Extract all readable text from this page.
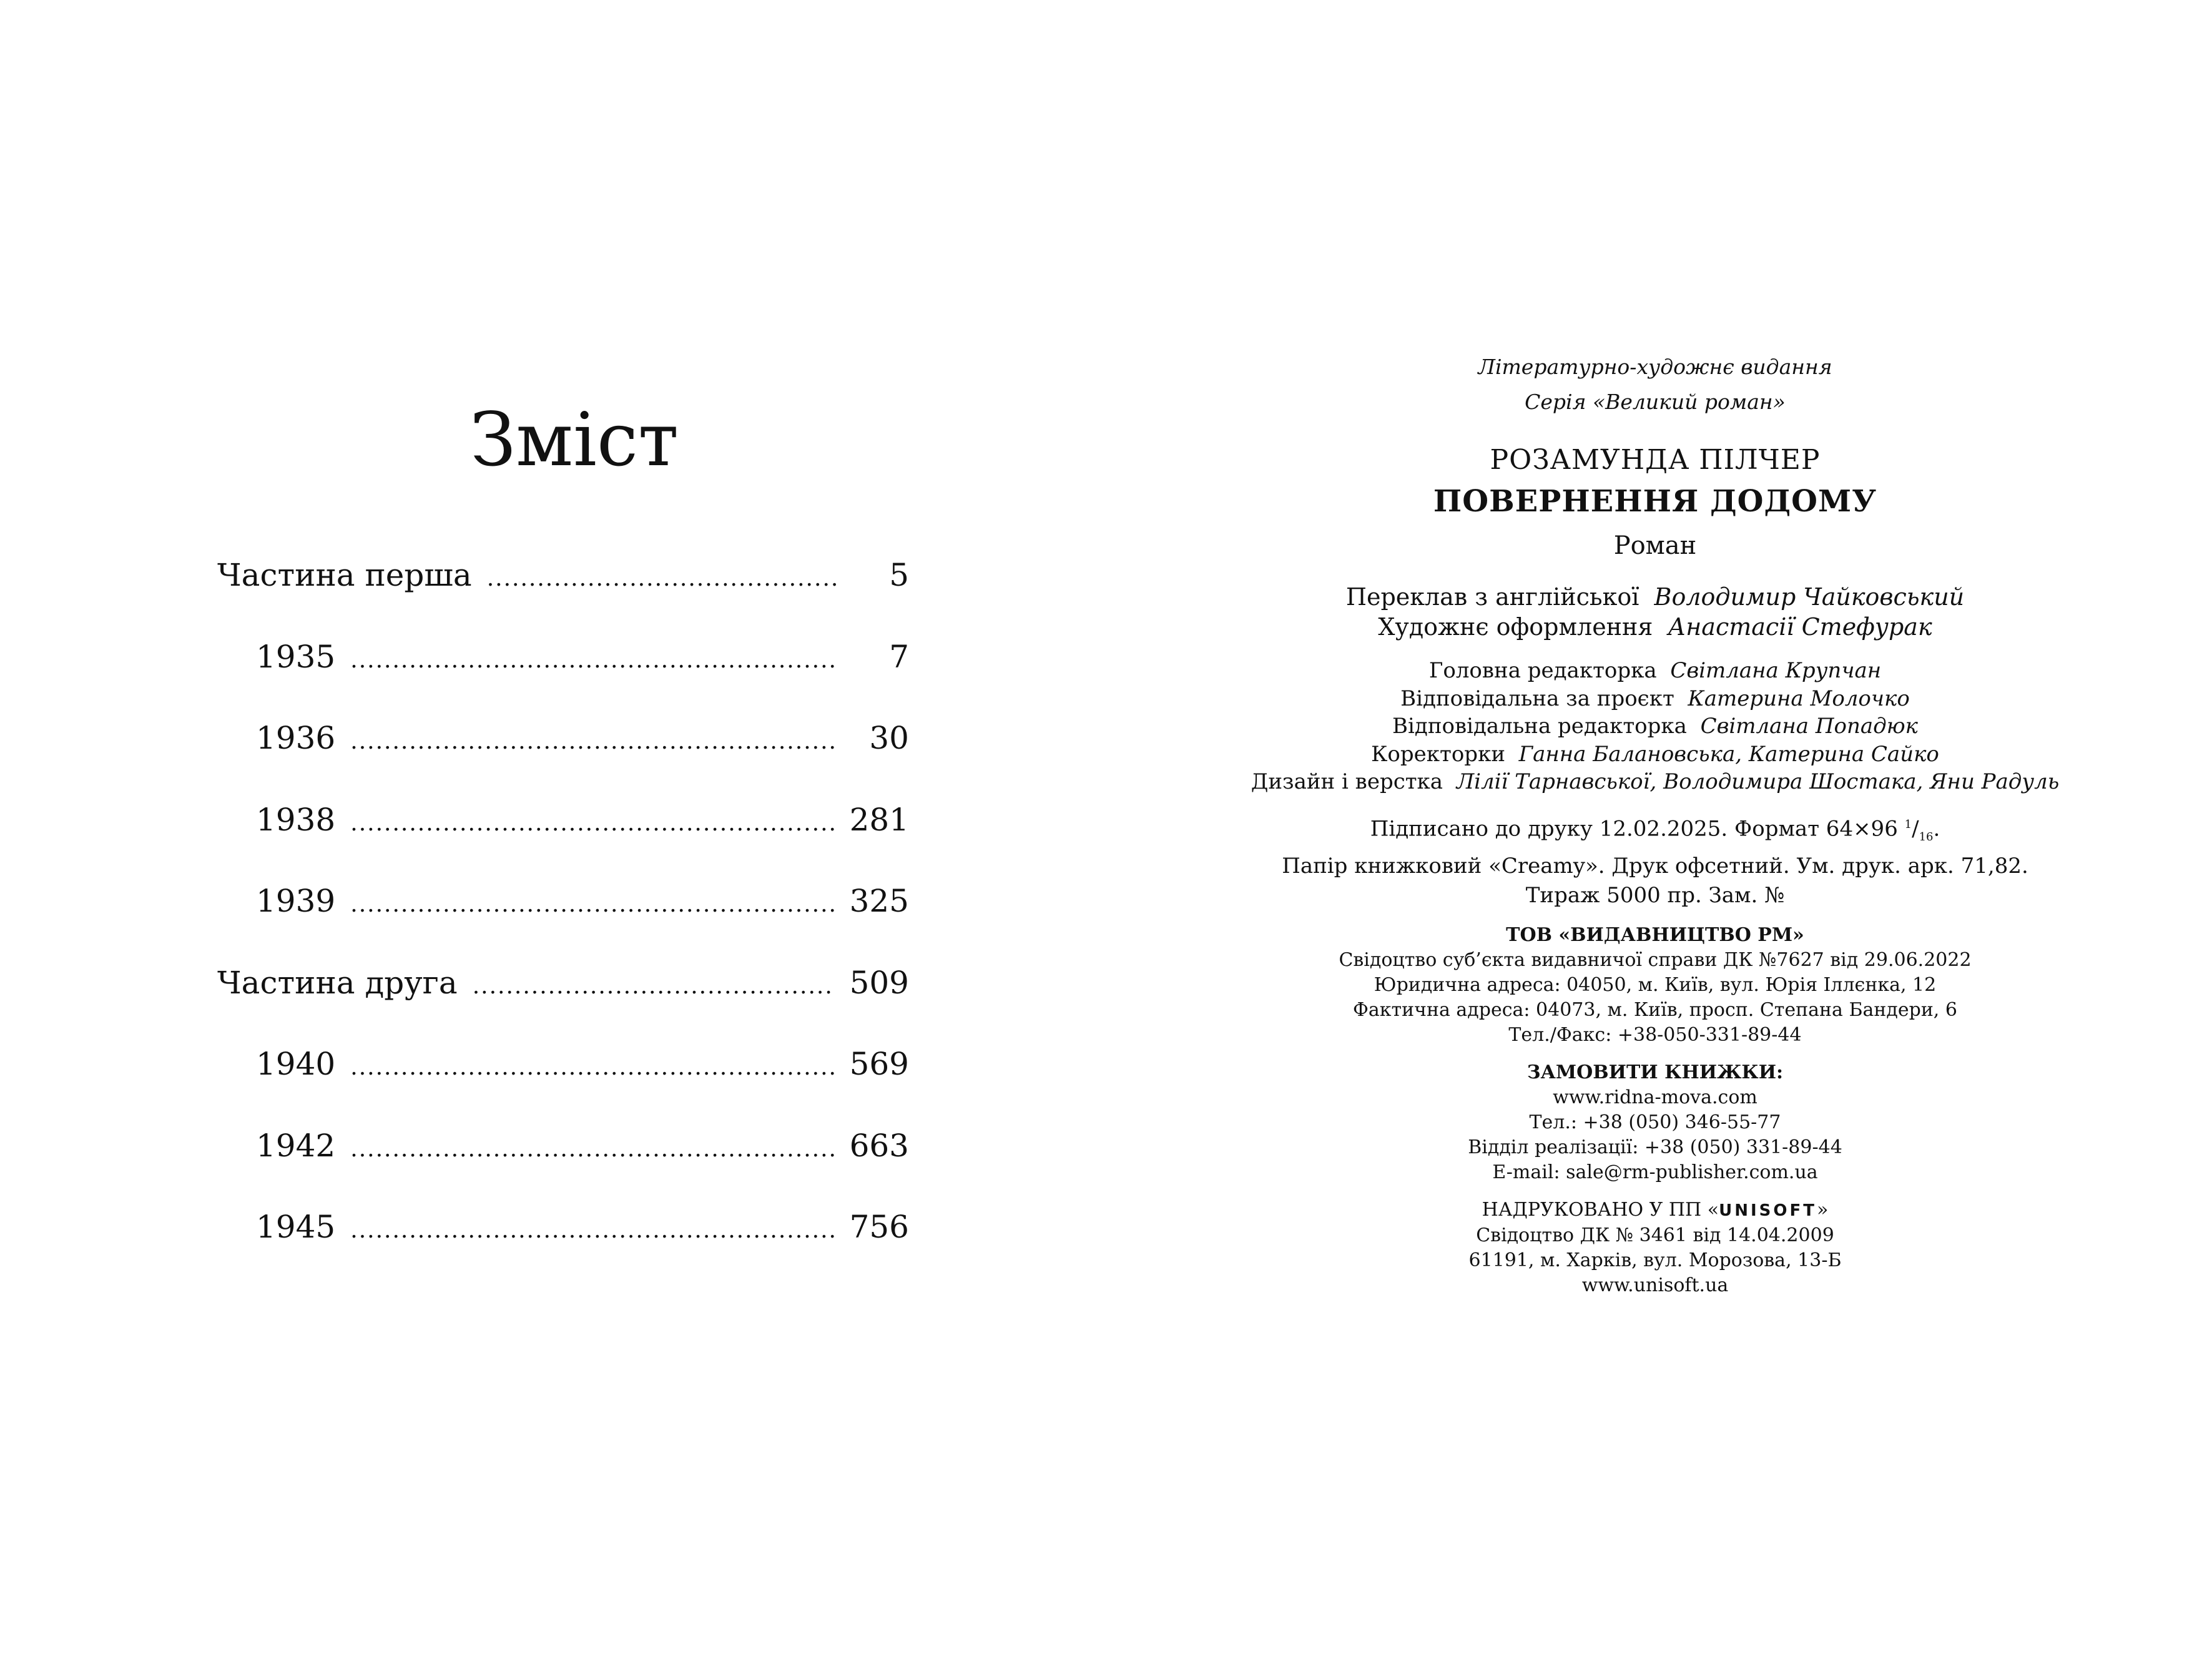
Зміст
Частина перша .....	5
1935 .....	7
1936 .....	30
1938 .....	281
1939 .....	325
Частина друга .....	509
1940 .....	569
1942 .....	663
1945 .....	756

Літературно-художнє видання

Серія «Великий роман»

РОЗАМУНДА ПІЛЧЕР

ПОВЕРНЕННЯ ДОДОМУ

Роман

Переклав з англійської Володимир Чайковський

Художнє оформлення Анастасії Стефурак

Головна редакторка Світлана Крупчан

Відповідальна за проєкт Катерина Молочко

Відповідальна редакторка Світлана Попадюк

Коректорки Ганна Балановська, Катерина Сайко

Дизайн і верстка Лілії Тарнавської, Володимира Шостака, Яни Радуль

Підписано до друку 12.02.2025. Формат 64×96 $^1/_{16}$.

Папір книжковий «Creamy». Друк офсетний. Ум. друк. арк. 71,82.

Тираж 5000 пр. Зам. №

ТОВ «ВИДАВНИЦТВО РМ»

Свідоцтво суб’єкта видавничої справи ДК №7627 від 29.06.2022

Юридична адреса: 04050, м. Київ, вул. Юрія Іллєнка, 12

Фактична адреса: 04073, м. Київ, просп. Степана Бандери, 6

Тел./Факс: +38-050-331-89-44

ЗАМОВИТИ КНИЖКИ:

www.ridna-mova.com

Тел.: +38 (050) 346-55-77

Відділ реалізації: +38 (050) 331-89-44

E-mail: sale@rm-publisher.com.ua

НАДРУКОВАНО У ПП «UNISOFT»

Свідоцтво ДК № 3461 від 14.04.2009

61191, м. Харків, вул. Морозова, 13-Б

www.unisoft.ua
